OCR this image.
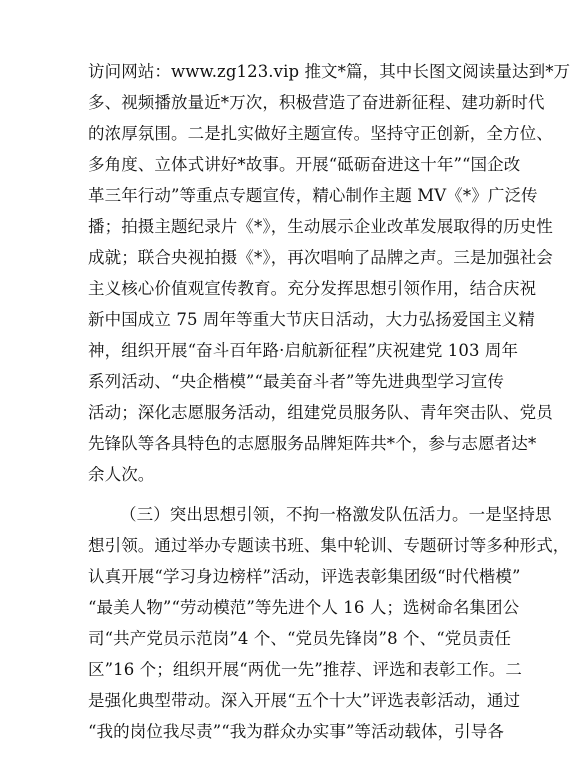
访问网站：www.zg123.vip 推文*篇，其中长图文阅读量达到*万
多、视频播放量近*万次，积极营造了奋进新征程、建功新时代
的浓厚氛围。二是扎实做好主题宣传。坚持守正创新，全方位、
多角度、立体式讲好*故事。开展“砥砺奋进这十年”“国企改
革三年行动”等重点专题宣传，精心制作主题 MV《*》广泛传
播；拍摄主题纪录片《*》，生动展示企业改革发展取得的历史性
成就；联合央视拍摄《*》，再次唱响了品牌之声。三是加强社会
主义核心价值观宣传教育。充分发挥思想引领作用，结合庆祝
新中国成立 75 周年等重大节庆日活动，大力弘扬爱国主义精
神，组织开展“奋斗百年路·启航新征程”庆祝建党 103 周年
系列活动、“央企楷模”“最美奋斗者”等先进典型学习宣传
活动；深化志愿服务活动，组建党员服务队、青年突击队、党员
先锋队等各具特色的志愿服务品牌矩阵共*个，参与志愿者达*
余人次。
（三）突出思想引领，不拘一格激发队伍活力。一是坚持思
想引领。通过举办专题读书班、集中轮训、专题研讨等多种形式，
认真开展“学习身边榜样”活动，评选表彰集团级“时代楷模”
“最美人物”“劳动模范”等先进个人 16 人；选树命名集团公
司“共产党员示范岗”4 个、“党员先锋岗”8 个、“党员责任
区”16 个；组织开展“两优一先”推荐、评选和表彰工作。二
是强化典型带动。深入开展“五个十大”评选表彰活动，通过
“我的岗位我尽责”“我为群众办实事”等活动载体，引导各
